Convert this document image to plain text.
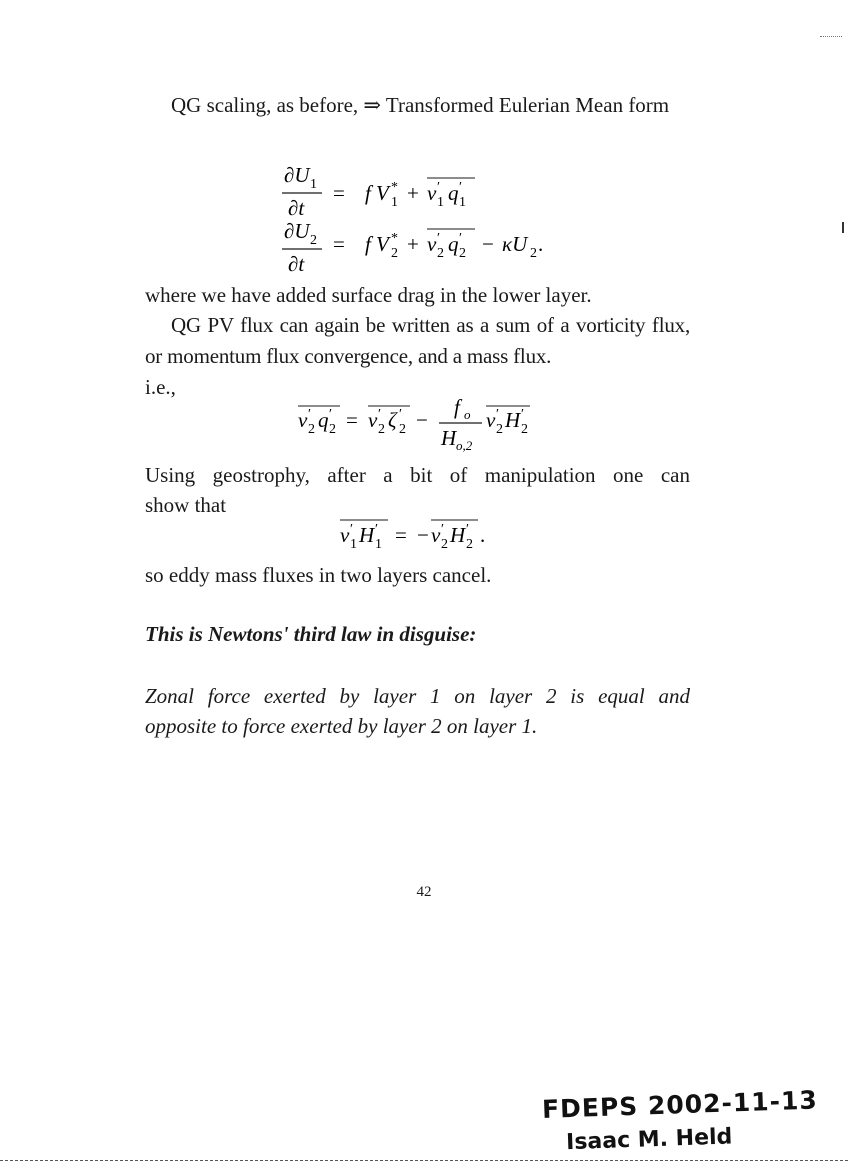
QG scaling, as before, ⇒ Transformed Eulerian Mean form
∂U 1
∂t
= f V 1
* + v ′
1 q ′
1
∂U 2
∂t
= f V 2
* + v ′
2 q ′
2 − κU 2 .
where we have added surface drag in the lower layer.
QG PV flux can again be written as a sum of a vorticity flux, or momentum flux convergence, and a mass flux.
i.e.,
v ′
2 q ′
2 = v ′
2 ζ ′
2 −
f o
H o,2
v ′
2 H ′
2
Using geostrophy, after a bit of manipulation one can
show that
v ′
1 H ′
1 = − v ′
2 H ′
2 .
so eddy mass fluxes in two layers cancel.
This is Newtons' third law in disguise:
Zonal force exerted by layer 1 on layer 2 is equal and
opposite to force exerted by layer 2 on layer 1.
42
FDEPS 2002-11-13
Isaac M. Held
